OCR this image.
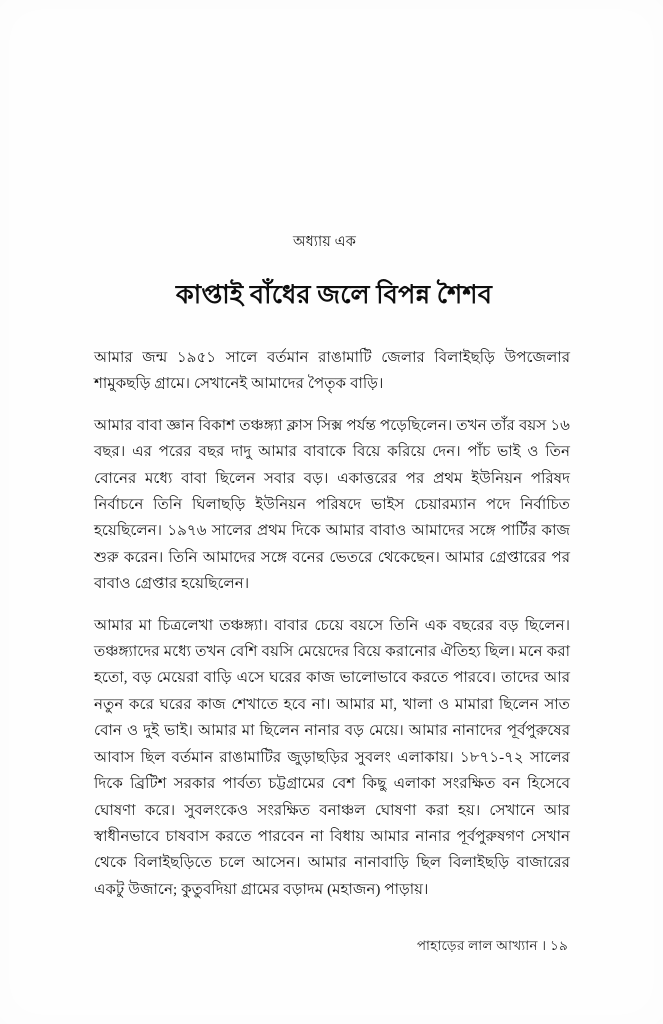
অধ্যায় এক
কাপ্তাই বাঁধের জলে বিপন্ন শৈশব

আমার জন্ম ১৯৫১ সালে বর্তমান রাঙামাটি জেলার বিলাইছড়ি উপজেলার শামুকছড়ি গ্রামে। সেখানেই আমাদের পৈতৃক বাড়ি।

আমার বাবা জ্ঞান বিকাশ তঞ্চঙ্গ্যা ক্লাস সিক্স পর্যন্ত পড়েছিলেন। তখন তাঁর বয়স ১৬ বছর। এর পরের বছর দাদু আমার বাবাকে বিয়ে করিয়ে দেন। পাঁচ ভাই ও তিন বোনের মধ্যে বাবা ছিলেন সবার বড়। একাত্তরের পর প্রথম ইউনিয়ন পরিষদ নির্বাচনে তিনি ঘিলাছড়ি ইউনিয়ন পরিষদে ভাইস চেয়ারম্যান পদে নির্বাচিত হয়েছিলেন। ১৯৭৬ সালের প্রথম দিকে আমার বাবাও আমাদের সঙ্গে পার্টির কাজ শুরু করেন। তিনি আমাদের সঙ্গে বনের ভেতরে থেকেছেন। আমার গ্রেপ্তারের পর বাবাও গ্রেপ্তার হয়েছিলেন।

আমার মা চিত্রলেখা তঞ্চঙ্গ্যা। বাবার চেয়ে বয়সে তিনি এক বছরের বড় ছিলেন। তঞ্চঙ্গ্যাদের মধ্যে তখন বেশি বয়সি মেয়েদের বিয়ে করানোর ঐতিহ্য ছিল। মনে করা হতো, বড় মেয়েরা বাড়ি এসে ঘরের কাজ ভালোভাবে করতে পারবে। তাদের আর নতুন করে ঘরের কাজ শেখাতে হবে না। আমার মা, খালা ও মামারা ছিলেন সাত বোন ও দুই ভাই। আমার মা ছিলেন নানার বড় মেয়ে। আমার নানাদের পূর্বপুরুষের আবাস ছিল বর্তমান রাঙামাটির জুড়াছড়ির সুবলং এলাকায়। ১৮৭১-৭২ সালের দিকে ব্রিটিশ সরকার পার্বত্য চট্টগ্রামের বেশ কিছু এলাকা সংরক্ষিত বন হিসেবে ঘোষণা করে। সুবলংকেও সংরক্ষিত বনাঞ্চল ঘোষণা করা হয়। সেখানে আর স্বাধীনভাবে চাষবাস করতে পারবেন না বিধায় আমার নানার পূর্বপুরুষগণ সেখান থেকে বিলাইছড়িতে চলে আসেন। আমার নানাবাড়ি ছিল বিলাইছড়ি বাজারের একটু উজানে; কুতুবদিয়া গ্রামের বড়াদম (মহাজন) পাড়ায়।

পাহাড়ের লাল আখ্যান । ১৯
